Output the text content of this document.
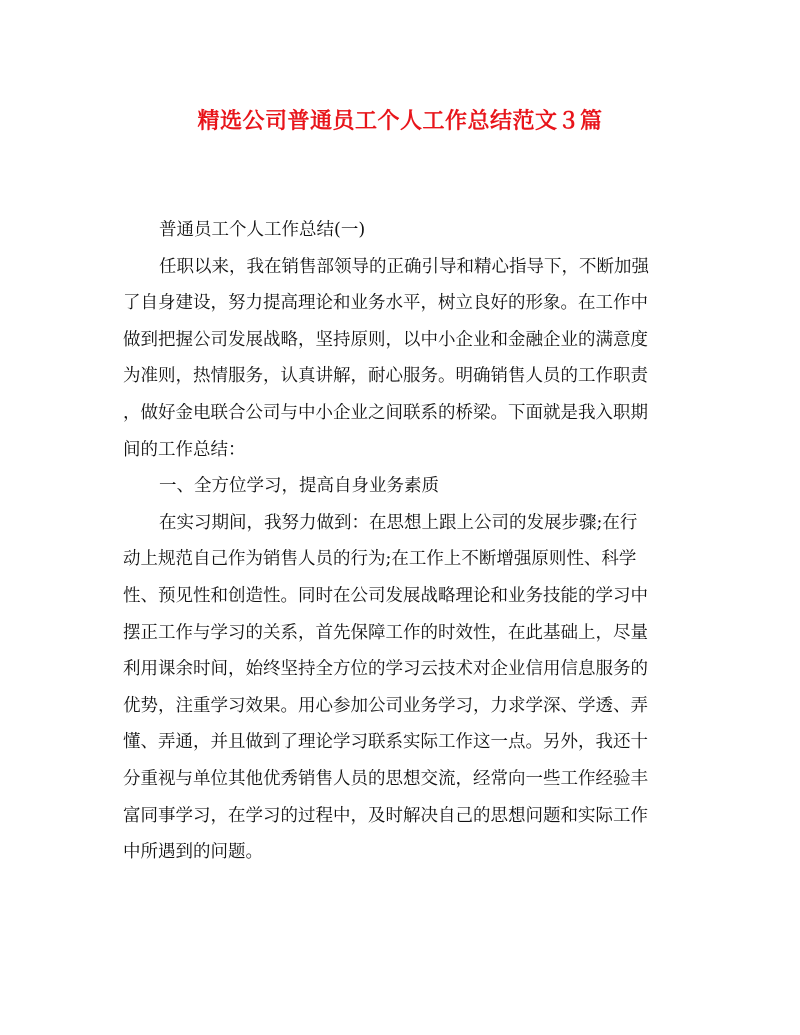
精选公司普通员工个人工作总结范文３篇
普通员工个人工作总结(一)
任职以来，我在销售部领导的正确引导和精心指导下，不断加强
了自身建设，努力提高理论和业务水平，树立良好的形象。在工作中
做到把握公司发展战略，坚持原则，以中小企业和金融企业的满意度
为准则，热情服务，认真讲解，耐心服务。明确销售人员的工作职责
，做好金电联合公司与中小企业之间联系的桥梁。下面就是我入职期
间的工作总结：
一、全方位学习，提高自身业务素质
在实习期间，我努力做到：在思想上跟上公司的发展步骤;在行
动上规范自己作为销售人员的行为;在工作上不断增强原则性、科学
性、预见性和创造性。同时在公司发展战略理论和业务技能的学习中
摆正工作与学习的关系，首先保障工作的时效性，在此基础上，尽量
利用课余时间，始终坚持全方位的学习云技术对企业信用信息服务的
优势，注重学习效果。用心参加公司业务学习，力求学深、学透、弄
懂、弄通，并且做到了理论学习联系实际工作这一点。另外，我还十
分重视与单位其他优秀销售人员的思想交流，经常向一些工作经验丰
富同事学习，在学习的过程中，及时解决自己的思想问题和实际工作
中所遇到的问题。
